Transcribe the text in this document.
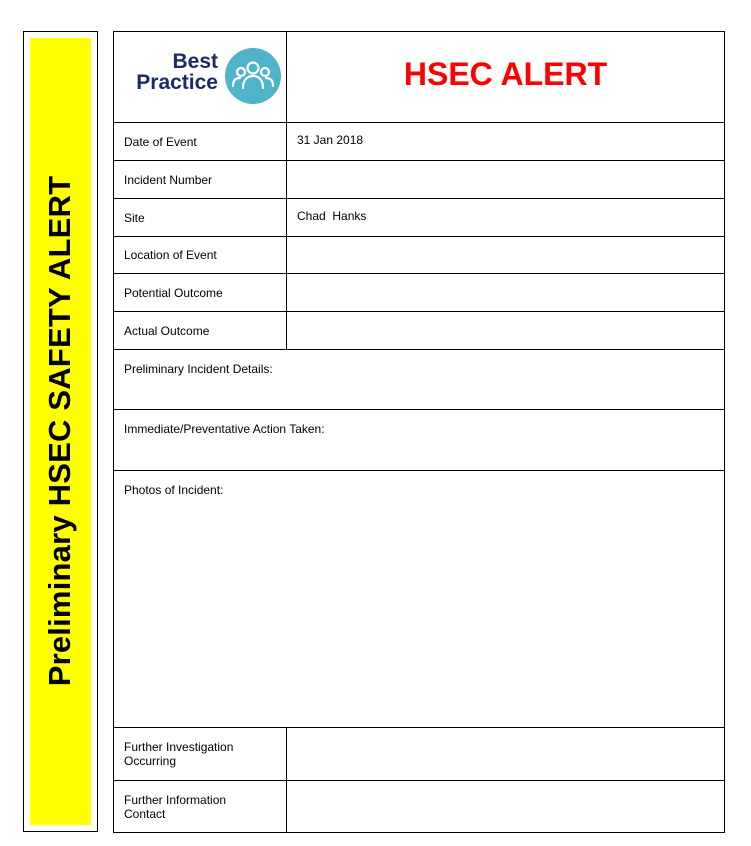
Preliminary HSEC SAFETY ALERT
Best
Practice	HSEC ALERT
Date of Event	31 Jan 2018
Incident Number
Site	Chad  Hanks
Location of Event
Potential Outcome
Actual Outcome
Preliminary Incident Details:
Immediate/Preventative Action Taken:
Photos of Incident:
Further Investigation
Occurring
Further Information
Contact
